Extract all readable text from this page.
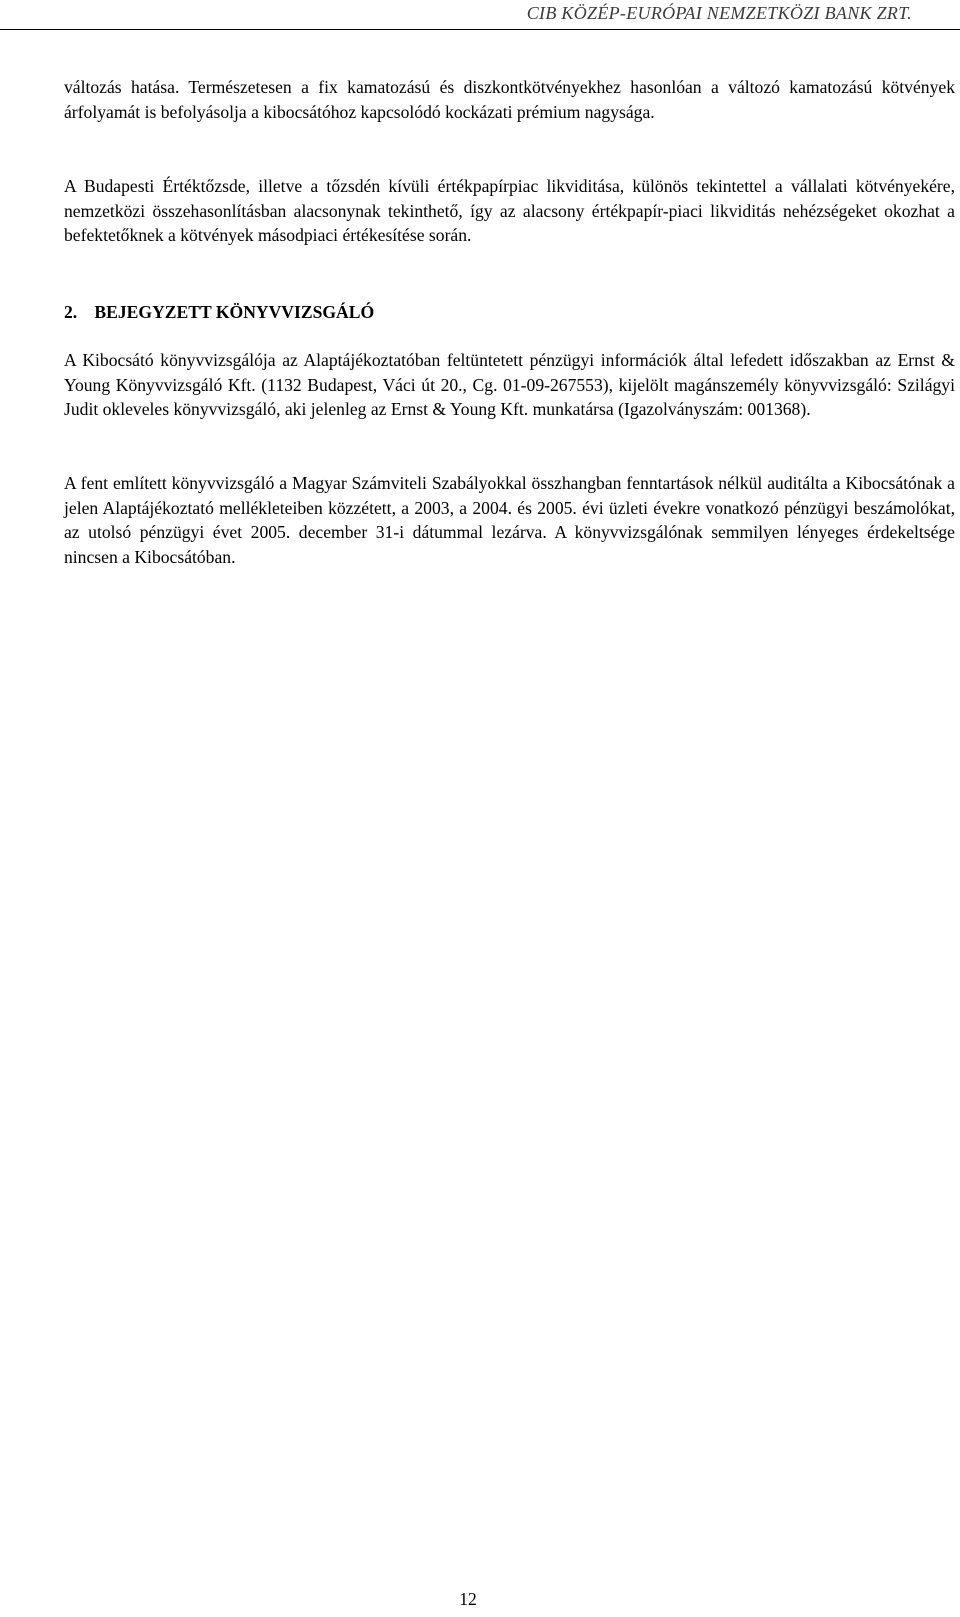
CIB KÖZÉP-EURÓPAI NEMZETKÖZI BANK ZRT.

változás hatása. Természetesen a fix kamatozású és diszkontkötvényekhez hasonlóan a változó kamatozású kötvények árfolyamát is befolyásolja a kibocsátóhoz kapcsolódó kockázati prémium nagysága.

A Budapesti Értéktőzsde, illetve a tőzsdén kívüli értékpapírpiac likviditása, különös tekintettel a vállalati kötvényekére, nemzetközi összehasonlításban alacsonynak tekinthető, így az alacsony értékpapír-piaci likviditás nehézségeket okozhat a befektetőknek a kötvények másodpiaci értékesítése során.

2. BEJEGYZETT KÖNYVVIZSGÁLÓ

A Kibocsátó könyvvizsgálója az Alaptájékoztatóban feltüntetett pénzügyi információk által lefedett időszakban az Ernst & Young Könyvvizsgáló Kft. (1132 Budapest, Váci út 20., Cg. 01-09-267553), kijelölt magánszemély könyvvizsgáló: Szilágyi Judit okleveles könyvvizsgáló, aki jelenleg az Ernst & Young Kft. munkatársa (Igazolványszám: 001368).

A fent említett könyvvizsgáló a Magyar Számviteli Szabályokkal összhangban fenntartások nélkül auditálta a Kibocsátónak a jelen Alaptájékoztató mellékleteiben közzétett, a 2003, a 2004. és 2005. évi üzleti évekre vonatkozó pénzügyi beszámolókat, az utolsó pénzügyi évet 2005. december 31-i dátummal lezárva. A könyvvizsgálónak semmilyen lényeges érdekeltsége nincsen a Kibocsátóban.

12
